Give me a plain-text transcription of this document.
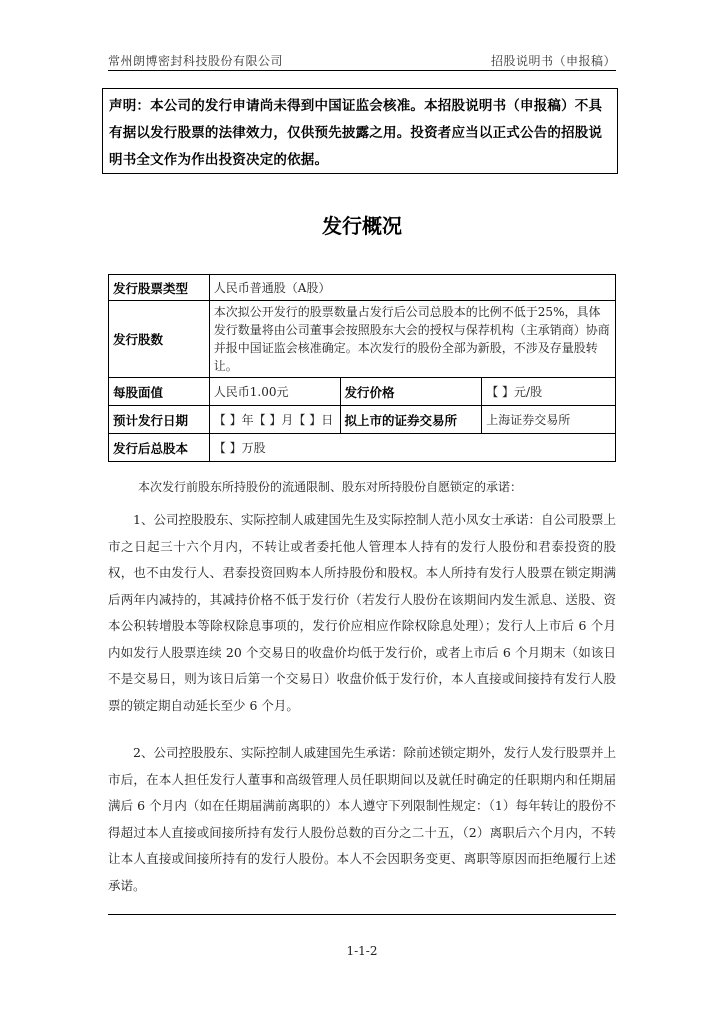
常州朗博密封科技股份有限公司	招股说明书（申报稿）
声明：本公司的发行申请尚未得到中国证监会核准。本招股说明书（申报稿）不具有据以发行股票的法律效力，仅供预先披露之用。投资者应当以正式公告的招股说明书全文作为作出投资决定的依据。
发行概况
发行股票类型	人民币普通股（A股）		
发行股数	本次拟公开发行的股票数量占发行后公司总股本的比例不低于25%，具体发行数量将由公司董事会按照股东大会的授权与保荐机构（主承销商）协商并报中国证监会核准确定。本次发行的股份全部为新股，不涉及存量股转让。		
每股面值	人民币1.00元	发行价格	【 】元/股
预计发行日期	【 】年【 】月【 】日	拟上市的证券交易所	上海证券交易所
发行后总股本	【 】万股		
本次发行前股东所持股份的流通限制、股东对所持股份自愿锁定的承诺：
1、公司控股股东、实际控制人戚建国先生及实际控制人范小凤女士承诺：自公司股票上市之日起三十六个月内，不转让或者委托他人管理本人持有的发行人股份和君泰投资的股权，也不由发行人、君泰投资回购本人所持股份和股权。本人所持有发行人股票在锁定期满后两年内减持的，其减持价格不低于发行价（若发行人股份在该期间内发生派息、送股、资本公积转增股本等除权除息事项的，发行价应相应作除权除息处理）；发行人上市后 6 个月内如发行人股票连续 20 个交易日的收盘价均低于发行价，或者上市后 6 个月期末（如该日不是交易日，则为该日后第一个交易日）收盘价低于发行价，本人直接或间接持有发行人股票的锁定期自动延长至少 6 个月。
2、公司控股股东、实际控制人戚建国先生承诺：除前述锁定期外，发行人发行股票并上市后，在本人担任发行人董事和高级管理人员任职期间以及就任时确定的任职期内和任期届满后 6 个月内（如在任期届满前离职的）本人遵守下列限制性规定：（1）每年转让的股份不得超过本人直接或间接所持有发行人股份总数的百分之二十五，（2）离职后六个月内，不转让本人直接或间接所持有的发行人股份。本人不会因职务变更、离职等原因而拒绝履行上述承诺。
1-1-2
